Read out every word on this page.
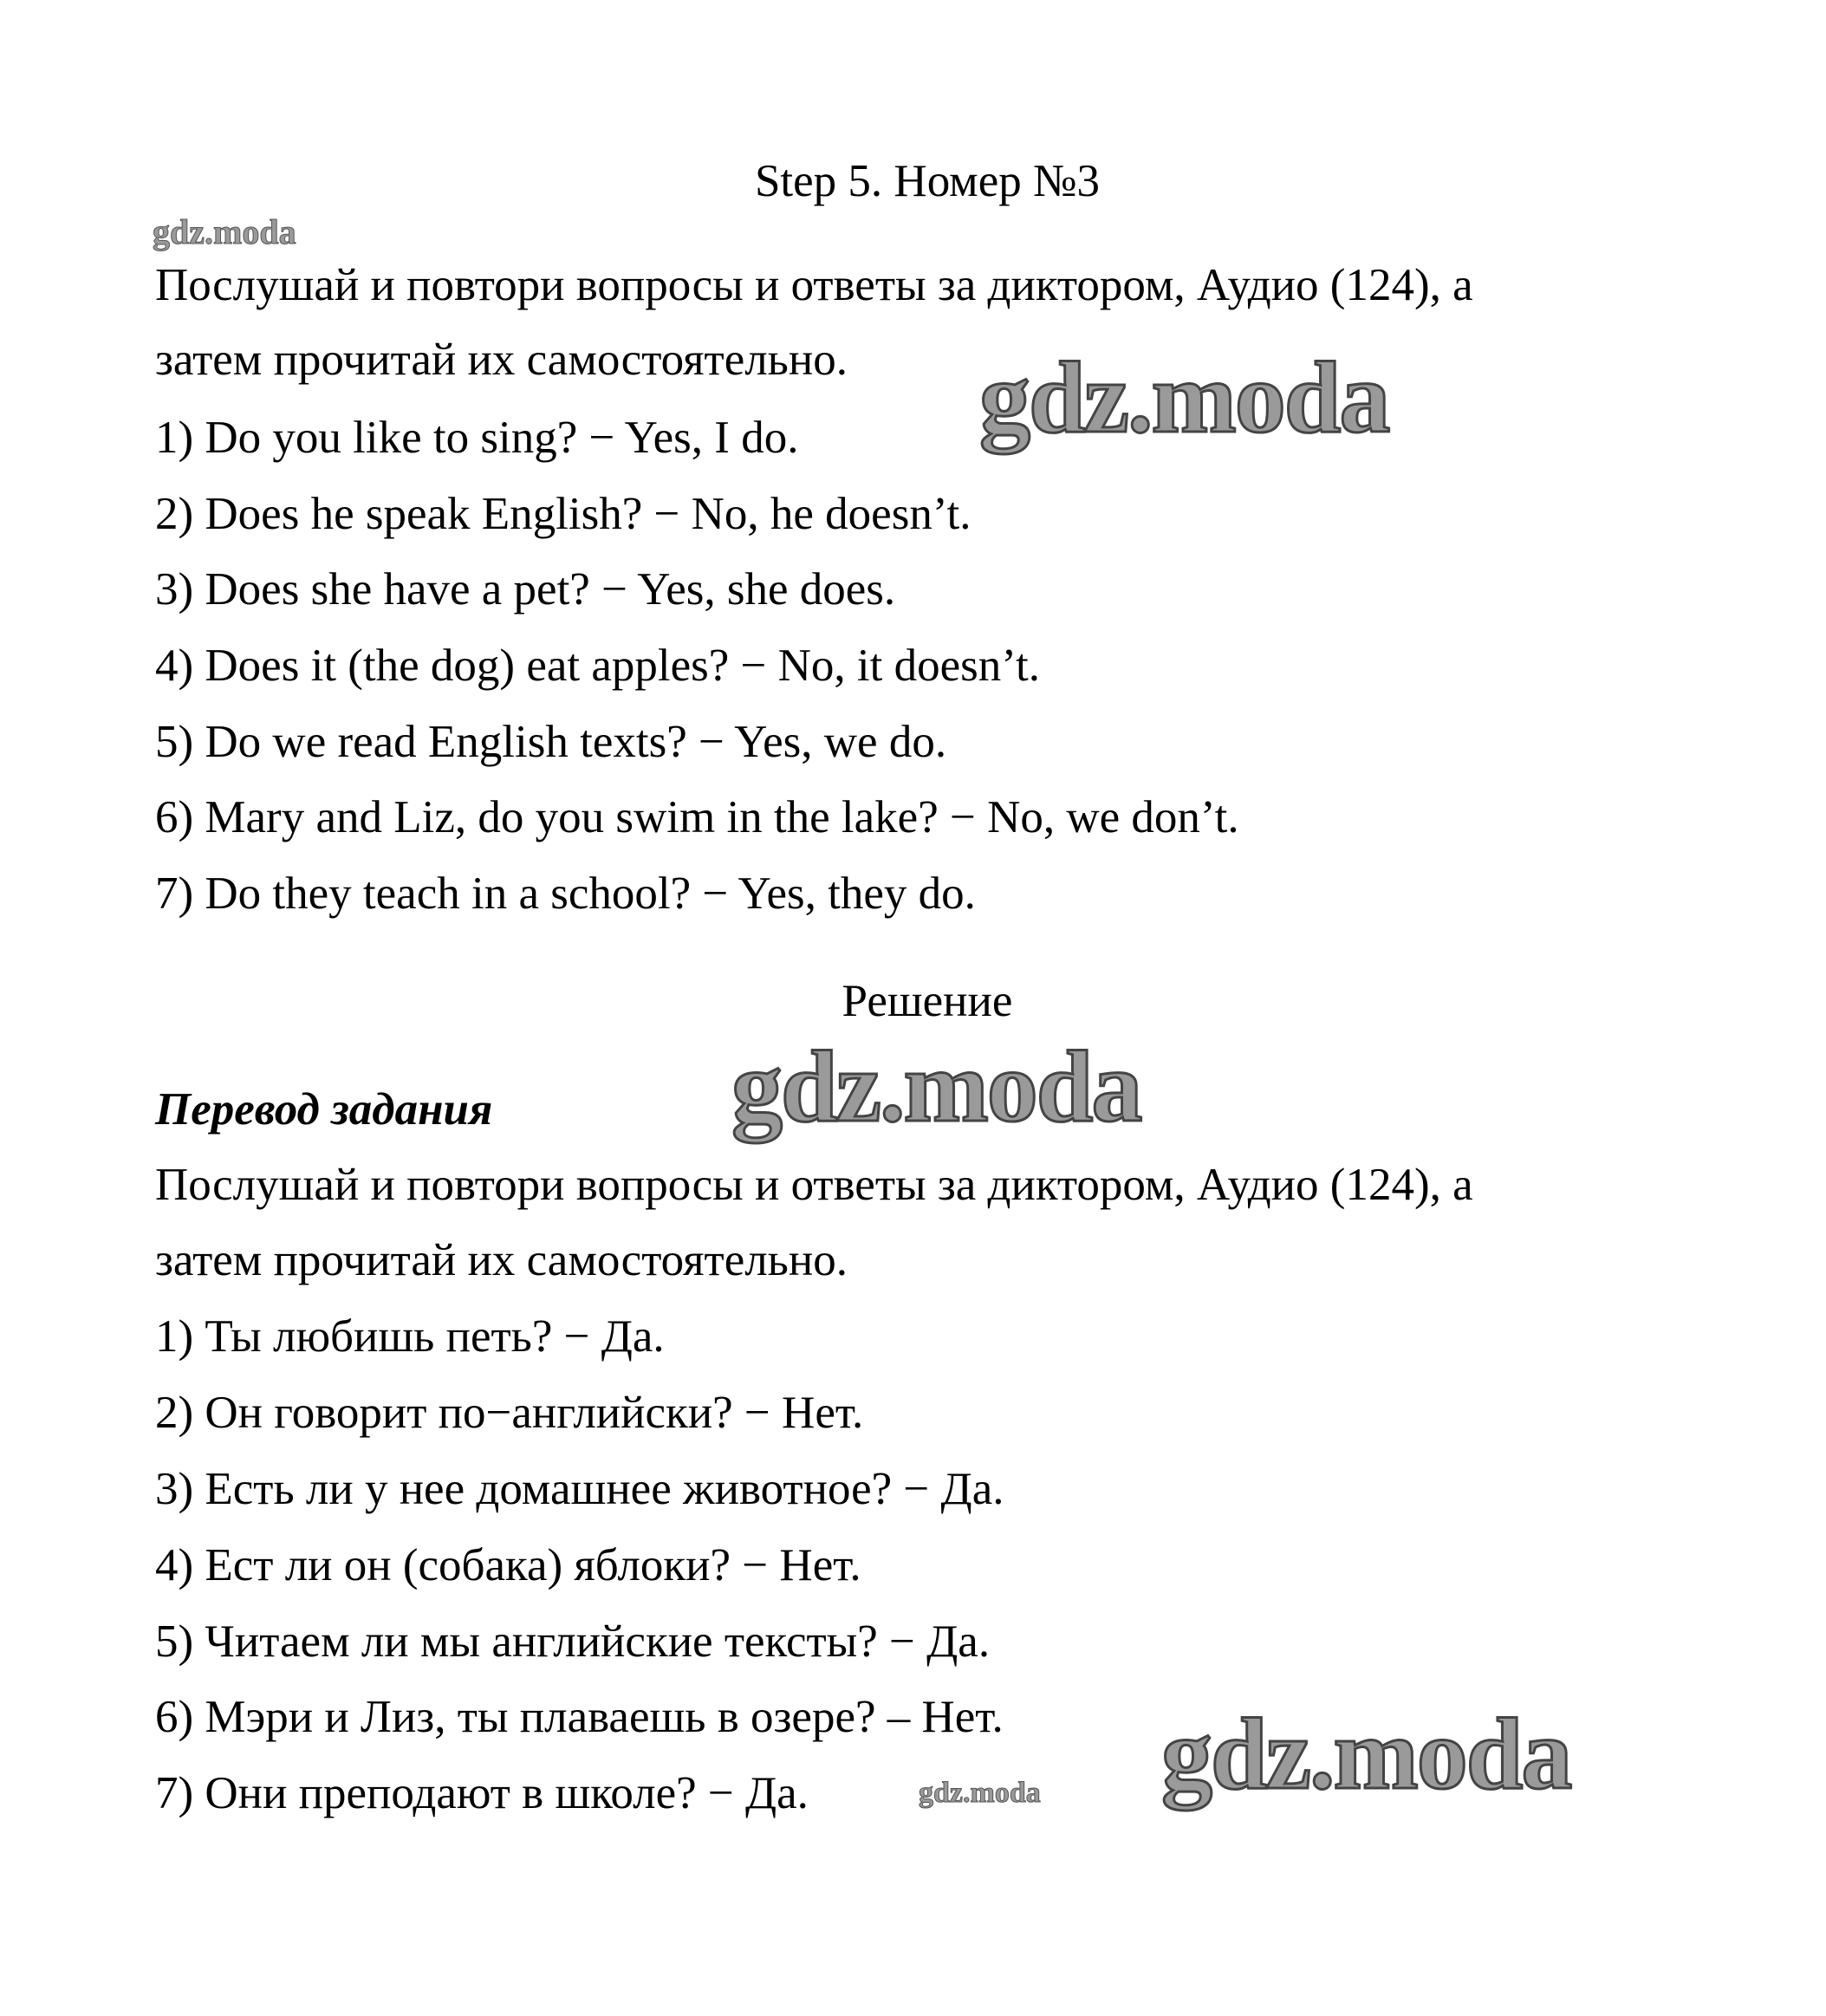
Step 5. Номер №3
gdz.moda
Послушай и повтори вопросы и ответы за диктором, Аудио (124), а
затем прочитай их самостоятельно.
1) Do you like to sing? − Yes, I do.
2) Does he speak English? − No, he doesn’t.
3) Does she have a pet? − Yes, she does.
4) Does it (the dog) eat apples? − No, it doesn’t.
5) Do we read English texts? − Yes, we do.
6) Mary and Liz, do you swim in the lake? − No, we don’t.
7) Do they teach in a school? − Yes, they do.
gdz.moda
Решение
gdz.moda
Перевод задания
Послушай и повтори вопросы и ответы за диктором, Аудио (124), а
затем прочитай их самостоятельно.
1) Ты любишь петь? − Да.
2) Он говорит по−английски? − Нет.
3) Есть ли у нее домашнее животное? − Да.
4) Ест ли он (собака) яблоки? − Нет.
5) Читаем ли мы английские тексты? − Да.
6) Мэри и Лиз, ты плаваешь в озере? – Нет.
7) Они преподают в школе? − Да.	gdz.moda gdz.moda
